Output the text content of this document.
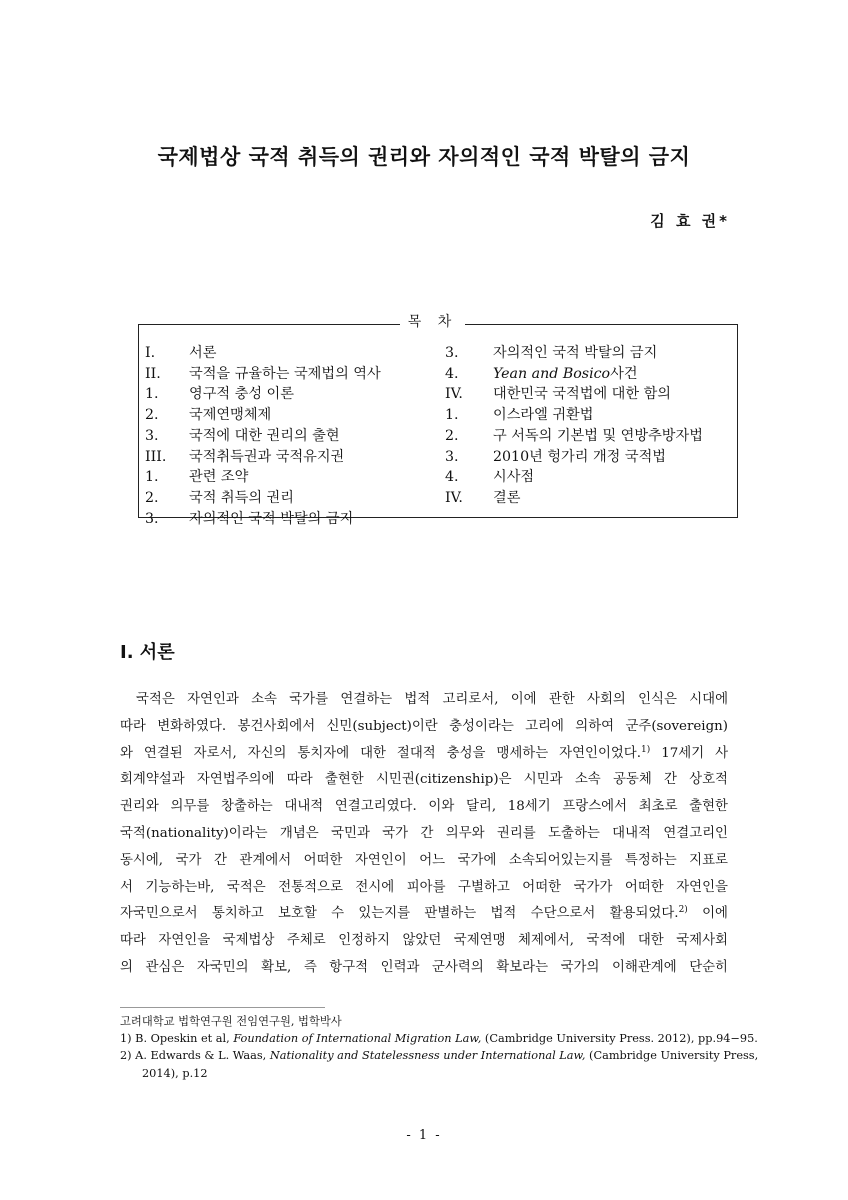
국제법상 국적 취득의 권리와 자의적인 국적 박탈의 금지
김 효 권*
목 차
I.	서론
II.	국적을 규율하는 국제법의 역사
1.	영구적 충성 이론
2.	국제연맹체제
3.	국적에 대한 권리의 출현
III.	국적취득권과 국적유지권
1.	관련 조약
2.	국적 취득의 권리
3.	자의적인 국적 박탈의 금지
3.	자의적인 국적 박탈의 금지
4.	Yean and Bosico 사건
IV.	대한민국 국적법에 대한 함의
1.	이스라엘 귀환법
2.	구 서독의 기본법 및 연방추방자법
3.	2010년 헝가리 개정 국적법
4.	시사점
IV.	결론
I. 서론
국적은 자연인과 소속 국가를 연결하는 법적 고리로서, 이에 관한 사회의 인식은 시대에
따라 변화하였다. 봉건사회에서 신민(subject)이란 충성이라는 고리에 의하여 군주(sovereign)
와 연결된 자로서, 자신의 통치자에 대한 절대적 충성을 맹세하는 자연인이었다.$^{1)}$ 17세기 사
회계약설과 자연법주의에 따라 출현한 시민권(citizenship)은 시민과 소속 공동체 간 상호적
권리와 의무를 창출하는 대내적 연결고리였다. 이와 달리, 18세기 프랑스에서 최초로 출현한
국적(nationality)이라는 개념은 국민과 국가 간 의무와 권리를 도출하는 대내적 연결고리인
동시에, 국가 간 관계에서 어떠한 자연인이 어느 국가에 소속되어있는지를 특정하는 지표로
서 기능하는바, 국적은 전통적으로 전시에 피아를 구별하고 어떠한 국가가 어떠한 자연인을
자국민으로서 통치하고 보호할 수 있는지를 판별하는 법적 수단으로서 활용되었다.$^{2)}$ 이에
따라 자연인을 국제법상 주체로 인정하지 않았던 국제연맹 체제에서, 국적에 대한 국제사회
의 관심은 자국민의 확보, 즉 항구적 인력과 군사력의 확보라는 국가의 이해관계에 단순히
고려대학교 법학연구원 전임연구원, 법학박사
1) B. Opeskin et al, Foundation of International Migration Law, (Cambridge University Press. 2012), pp.94−95.
2) A. Edwards & L. Waas, Nationality and Statelessness under International Law, (Cambridge University Press,
2014), p.12
- 1 -
